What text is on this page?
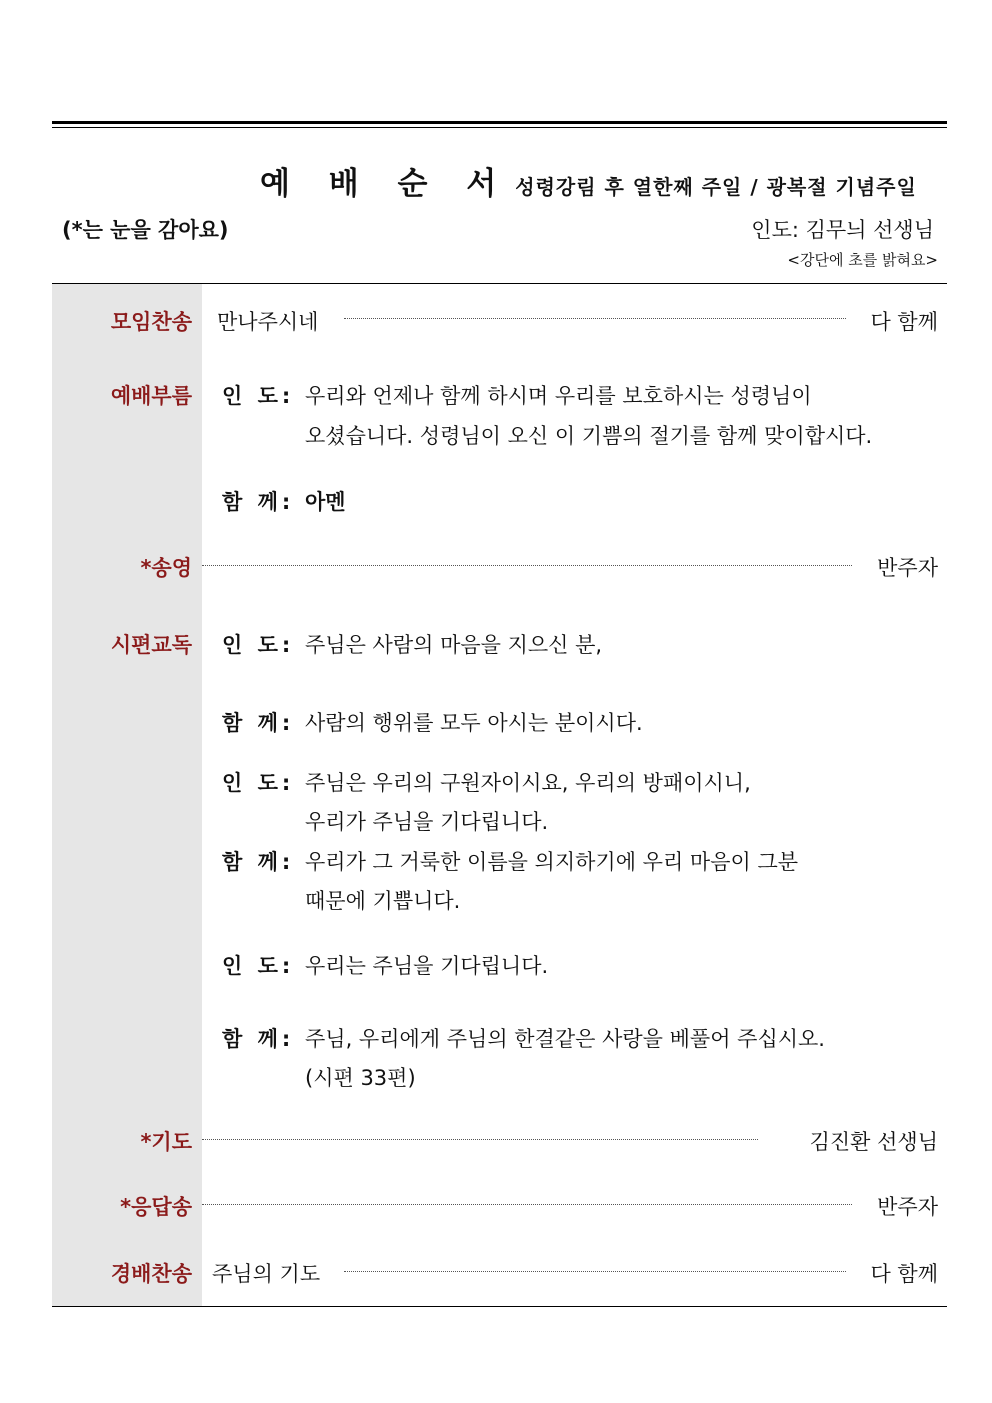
예 배 순 서 성령강림 후 열한째 주일 / 광복절 기념주일
(*는 눈을 감아요)	인도: 김무늬 선생님
<강단에 초를 밝혀요>
모임찬송 만나주시네	다 함께
예배부름 인 도: 우리와 언제나 함께 하시며 우리를 보호하시는 성령님이
오셨습니다. 성령님이 오신 이 기쁨의 절기를 함께 맞이합시다.
함 께: 아멘
*송영	반주자
시편교독 인 도: 주님은 사람의 마음을 지으신 분,
함 께: 사람의 행위를 모두 아시는 분이시다.
인 도: 주님은 우리의 구원자이시요, 우리의 방패이시니,
우리가 주님을 기다립니다.
함 께: 우리가 그 거룩한 이름을 의지하기에 우리 마음이 그분
때문에 기쁩니다.
인 도: 우리는 주님을 기다립니다.
함 께: 주님, 우리에게 주님의 한결같은 사랑을 베풀어 주십시오.
(시편 33편)
*기도	김진환 선생님
*응답송	반주자
경배찬송 주님의 기도	다 함께
